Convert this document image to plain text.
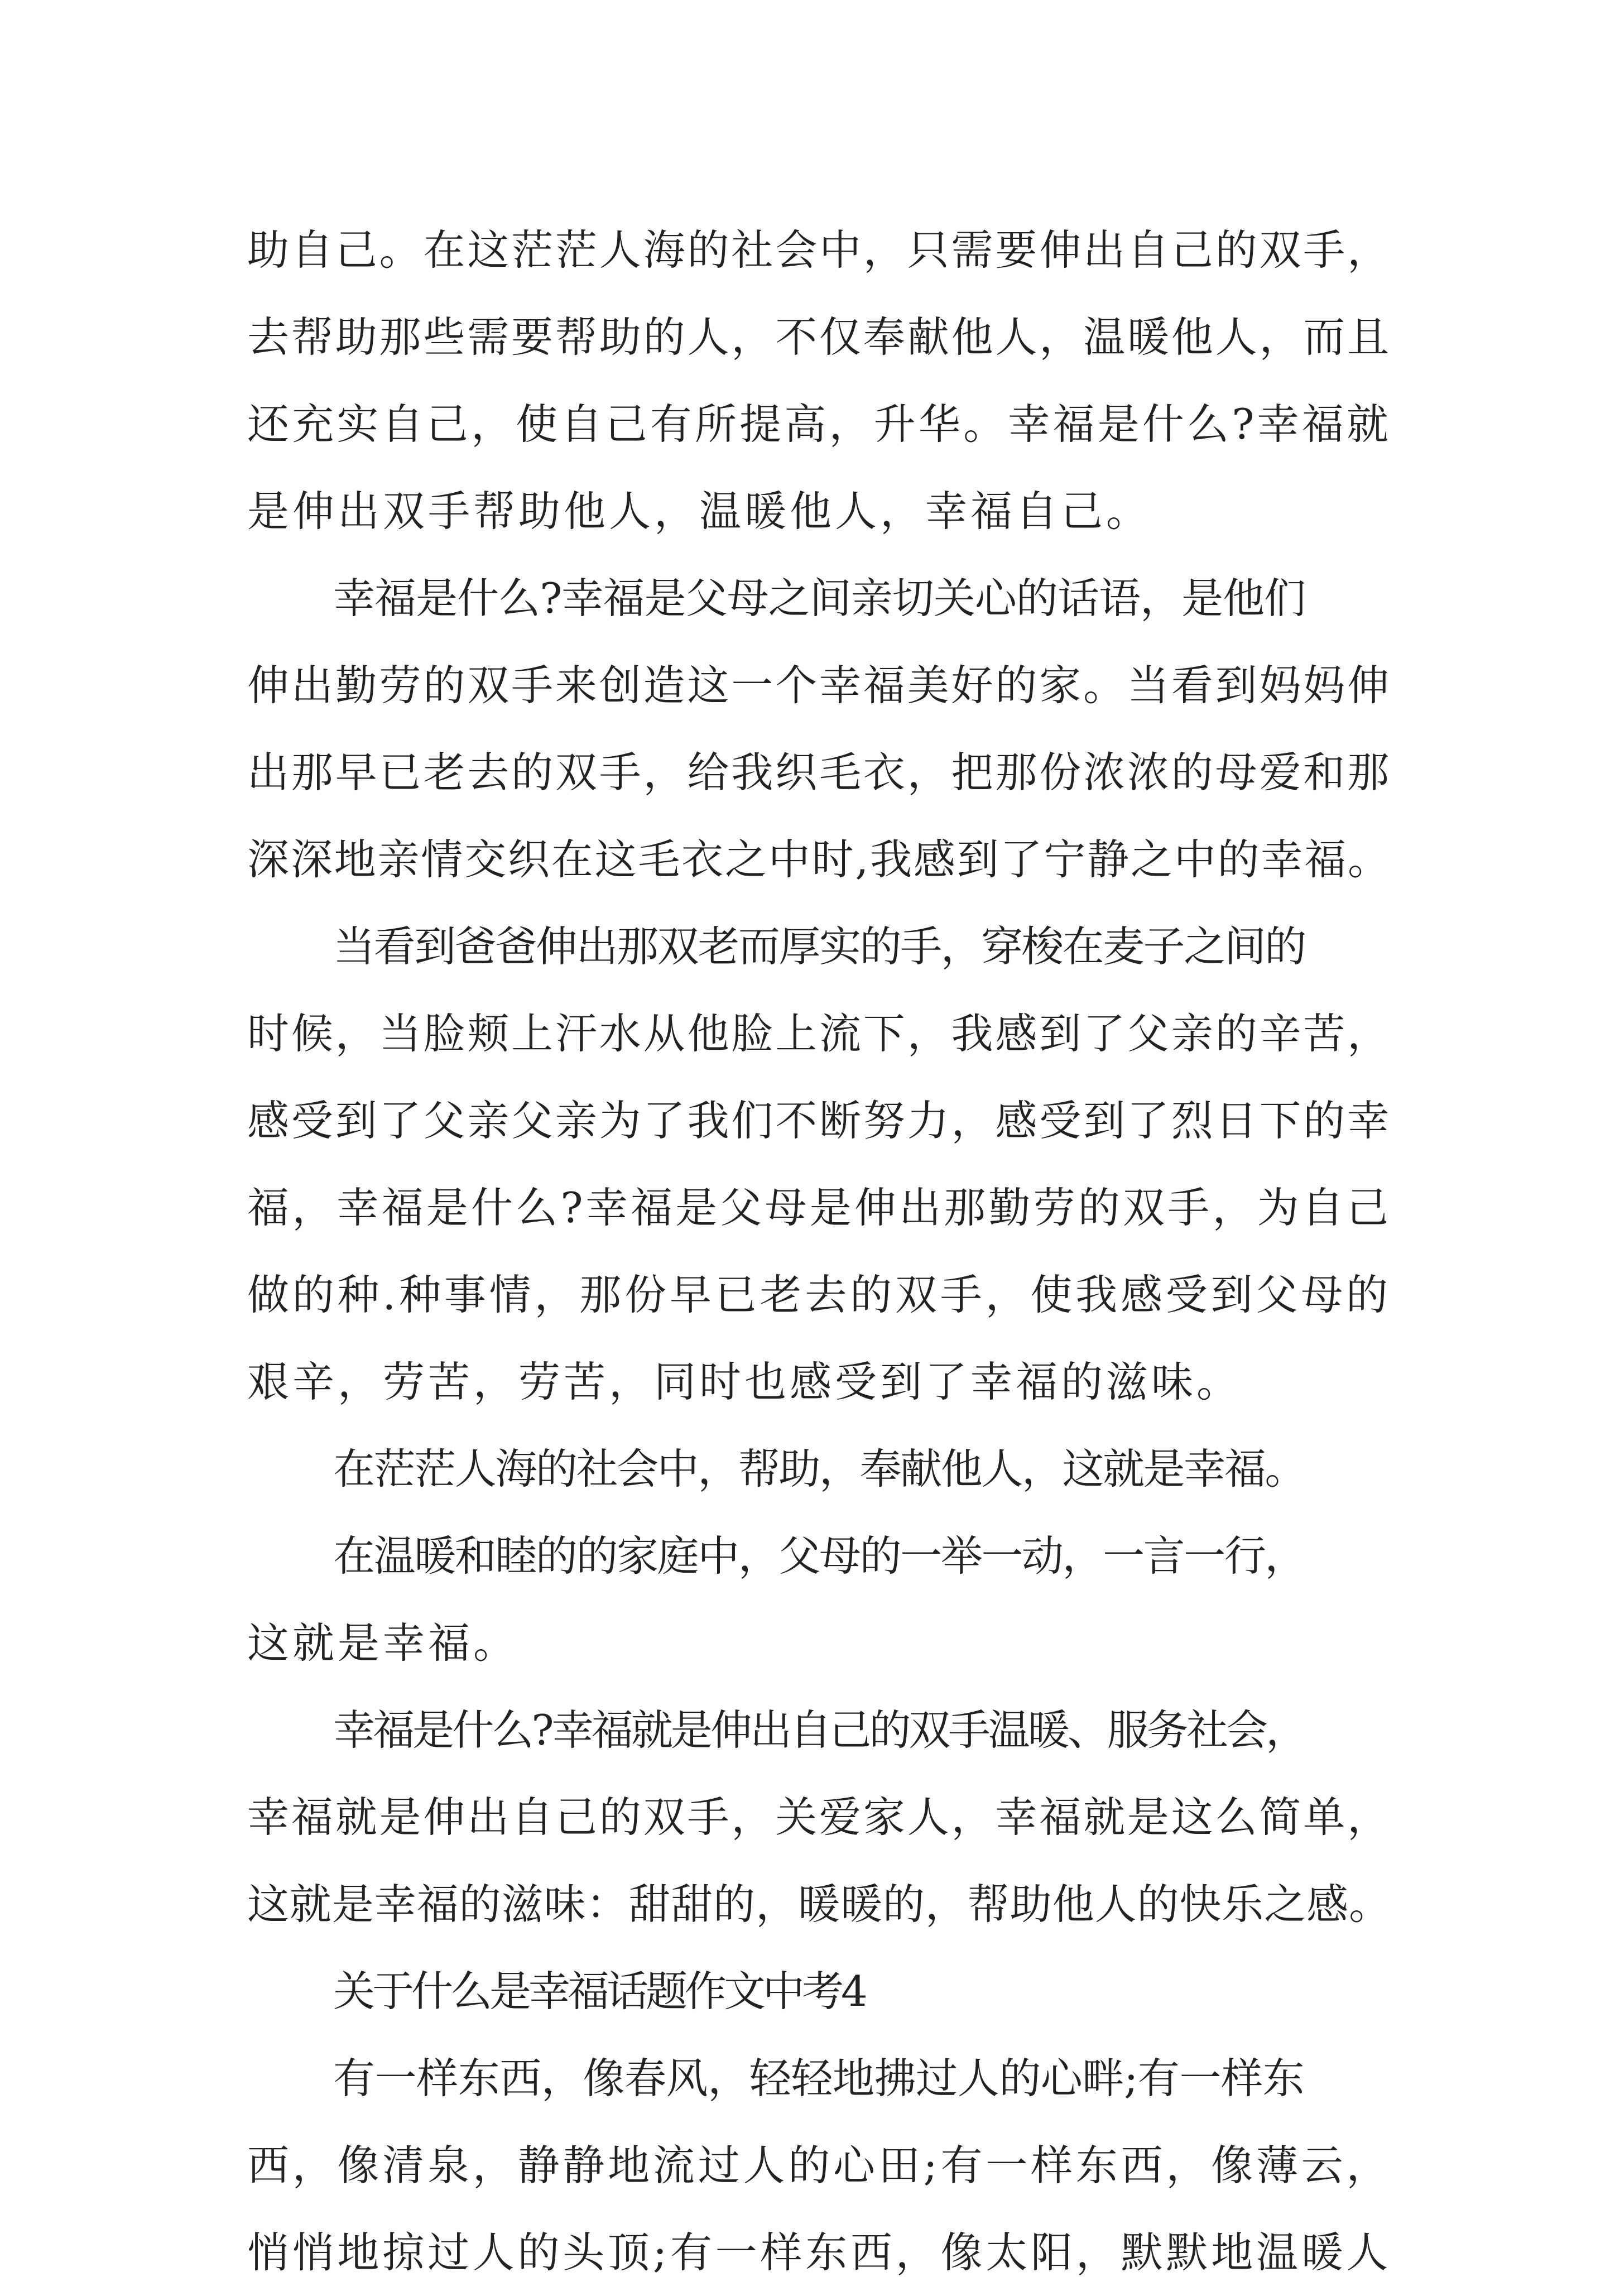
助自己。在这茫茫人海的社会中，只需要伸出自己的双手，
去帮助那些需要帮助的人，不仅奉献他人，温暖他人，而且
还充实自己，使自己有所提高，升华。幸福是什么?幸福就
是伸出双手帮助他人，温暖他人，幸福自己。
幸福是什么?幸福是父母之间亲切关心的话语，是他们
伸出勤劳的双手来创造这一个幸福美好的家。当看到妈妈伸
出那早已老去的双手，给我织毛衣，把那份浓浓的母爱和那
深深地亲情交织在这毛衣之中时,我感到了宁静之中的幸福。
当看到爸爸伸出那双老而厚实的手，穿梭在麦子之间的
时候，当脸颊上汗水从他脸上流下，我感到了父亲的辛苦，
感受到了父亲父亲为了我们不断努力，感受到了烈日下的幸
福，幸福是什么?幸福是父母是伸出那勤劳的双手，为自己
做的种.种事情，那份早已老去的双手，使我感受到父母的
艰辛，劳苦，劳苦，同时也感受到了幸福的滋味。
在茫茫人海的社会中，帮助，奉献他人，这就是幸福。
在温暖和睦的的家庭中，父母的一举一动，一言一行，
这就是幸福。
幸福是什么?幸福就是伸出自己的双手温暖、服务社会，
幸福就是伸出自己的双手，关爱家人，幸福就是这么简单，
这就是幸福的滋味：甜甜的，暖暖的，帮助他人的快乐之感。
关于什么是幸福话题作文中考4
有一样东西，像春风，轻轻地拂过人的心畔;有一样东
西，像清泉，静静地流过人的心田;有一样东西，像薄云，
悄悄地掠过人的头顶;有一样东西，像太阳，默默地温暖人
